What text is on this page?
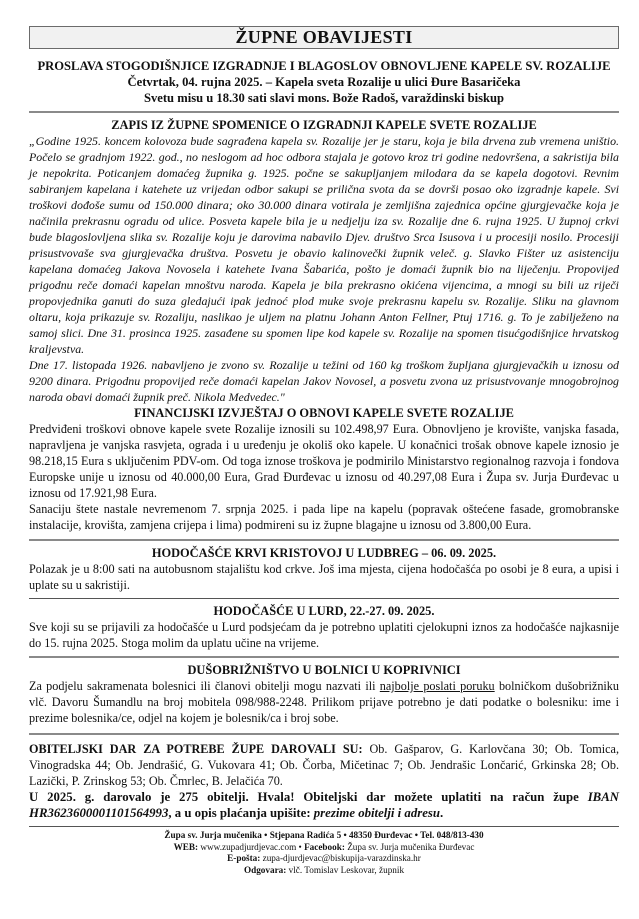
ŽUPNE OBAVIJESTI
PROSLAVA STOGODIŠNJICE IZGRADNJE I BLAGOSLOV OBNOVLJENE KAPELE SV. ROZALIJE
Četvrtak, 04. rujna 2025. – Kapela sveta Rozalije u ulici Đure Basaričeka
Svetu misu u 18.30 sati slavi mons. Bože Radoš, varaždinski biskup
ZAPIS IZ ŽUPNE SPOMENICE O IZGRADNJI KAPELE SVETE ROZALIJE
„Godine 1925. koncem kolovoza bude sagrađena kapela sv. Rozalije jer je staru, koja je bila drvena zub vremena uništio. Počelo se gradnjom 1922. god., no neslogom ad hoc odbora stajala je gotovo kroz tri godine nedovršena, a sakristija bila je nepokrita. Poticanjem domaćeg župnika g. 1925. počne se sakupljanjem milodara da se kapela dogotovi. Revnim sabiranjem kapelana i katehete uz vrijedan odbor sakupi se prilična svota da se dovrši posao oko izgradnje kapele. Svi troškovi dođoše sumu od 150.000 dinara; oko 30.000 dinara votirala je zemljišna zajednica općine gjurgjevačke koja je načinila prekrasnu ogradu od ulice. Posveta kapele bila je u nedjelju iza sv. Rozalije dne 6. rujna 1925. U župnoj crkvi bude blagoslovljena slika sv. Rozalije koju je darovima nabavilo Djev. društvo Srca Isusova i u procesiji nosilo. Procesiji prisustvovaše sva gjurgjevačka društva. Posvetu je obavio kalinovečki župnik veleč. g. Slavko Fišter uz asistenciju kapelana domaćeg Jakova Novosela i katehete Ivana Šabarića, pošto je domaći župnik bio na liječenju. Propovijed prigodnu reče domaći kapelan mnoštvu naroda. Kapela je bila prekrasno okićena vijencima, a mnogi su bili uz riječi propovjednika ganuti do suza gledajući ipak jednoć plod muke svoje prekrasnu kapelu sv. Rozalije. Sliku na glavnom oltaru, koja prikazuje sv. Rozaliju, naslikao je uljem na platnu Johann Anton Fellner, Ptuj 1716. g. To je zabilježeno na samoj slici. Dne 31. prosinca 1925. zasađene su spomen lipe kod kapele sv. Rozalije na spomen tisućgodišnjice hrvatskog kraljevstva.
Dne 17. listopada 1926. nabavljeno je zvono sv. Rozalije u težini od 160 kg troškom župljana gjurgjevačkih u iznosu od 9200 dinara. Prigodnu propovijed reče domaći kapelan Jakov Novosel, a posvetu zvona uz prisustvovanje mnogobrojnog naroda obavi domaći župnik preč. Nikola Medvedec."
FINANCIJSKI IZVJEŠTAJ O OBNOVI KAPELE SVETE ROZALIJE
Predviđeni troškovi obnove kapele svete Rozalije iznosili su 102.498,97 Eura. Obnovljeno je krovište, vanjska fasada, napravljena je vanjska rasvjeta, ograda i u uređenju je okoliš oko kapele. U konačnici trošak obnove kapele iznosio je 98.218,15 Eura s uključenim PDV-om. Od toga iznose troškova je podmirilo Ministarstvo regionalnog razvoja i fondova Europske unije u iznosu od 40.000,00 Eura, Grad Đurđevac u iznosu od 40.297,08 Eura i Župa sv. Jurja Đurđevac u iznosu od 17.921,98 Eura.
Sanaciju štete nastale nevremenom 7. srpnja 2025. i pada lipe na kapelu (popravak oštećene fasade, gromobranske instalacije, krovišta, zamjena crijepa i lima) podmireni su iz župne blagajne u iznosu od 3.800,00 Eura.
HODOČAŠĆE KRVI KRISTOVOJ U LUDBREG – 06. 09. 2025.
Polazak je u 8:00 sati na autobusnom stajalištu kod crkve. Još ima mjesta, cijena hodočašća po osobi je 8 eura, a upisi i uplate su u sakristiji.
HODOČAŠĆE U LURD, 22.-27. 09. 2025.
Sve koji su se prijavili za hodočašće u Lurd podsjećam da je potrebno uplatiti cjelokupni iznos za hodočašće najkasnije do 15. rujna 2025. Stoga molim da uplatu učine na vrijeme.
DUŠOBRIŽNIŠTVO U BOLNICI U KOPRIVNICI
Za podjelu sakramenata bolesnici ili članovi obitelji mogu nazvati ili najbolje poslati poruku bolničkom dušobrižniku vlč. Davoru Šumandlu na broj mobitela 098/988-2248. Prilikom prijave potrebno je dati podatke o bolesniku: ime i prezime bolesnika/ce, odjel na kojem je bolesnik/ca i broj sobe.
OBITELJSKI DAR ZA POTREBE ŽUPE DAROVALI SU: Ob. Gašparov, G. Karlovčana 30; Ob. Tomica, Vinogradska 44; Ob. Jendrašić, G. Vukovara 41; Ob. Čorba, Mičetinac 7; Ob. Jendrašic Lončarić, Grkinska 28; Ob. Lazički, P. Zrinskog 53; Ob. Čmrlec, B. Jelačića 70.
U 2025. g. darovalo je 275 obitelji. Hvala! Obiteljski dar možete uplatiti na račun župe IBAN HR3623600001101564993, a u opis plaćanja upišite: prezime obitelji i adresu.
Župa sv. Jurja mučenika • Stjepana Radića 5 • 48350 Đurđevac • Tel. 048/813-430
WEB: www.zupadjurdjevac.com • Facebook: Župa sv. Jurja mučenika Đurđevac
E-pošta: zupa-djurdjevac@biskupija-varazdinska.hr
Odgovara: vlč. Tomislav Leskovar, župnik
